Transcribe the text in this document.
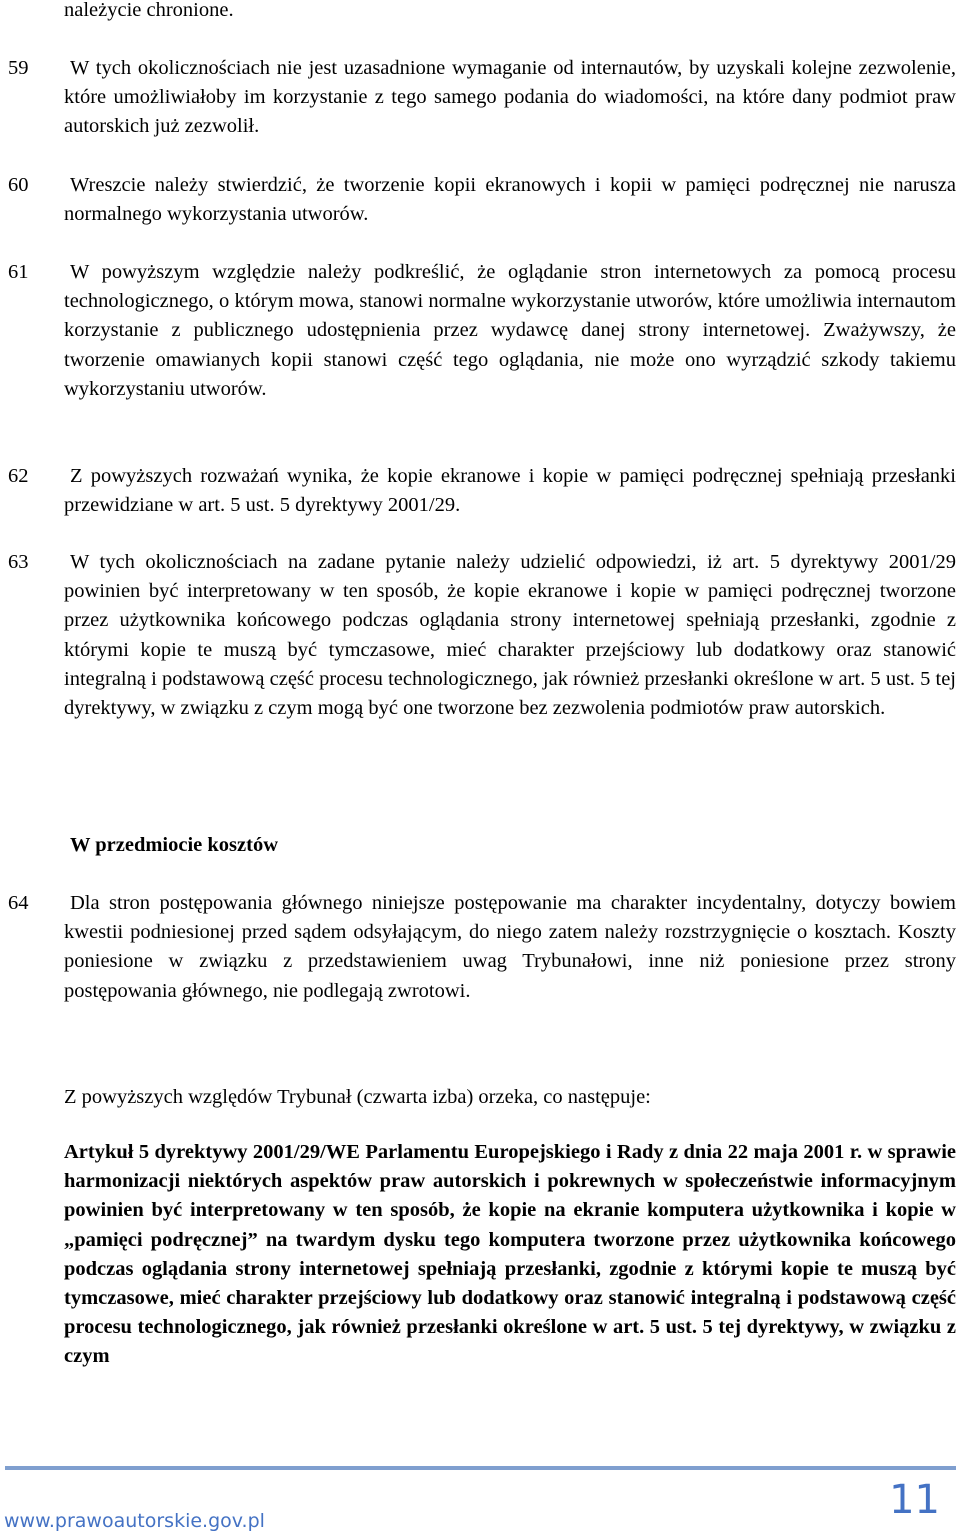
należycie chronione.

59	W tych okolicznościach nie jest uzasadnione wymaganie od internautów, by uzyskali kolejne zezwolenie, które umożliwiałoby im korzystanie z tego samego podania do wiadomości, na które dany podmiot praw autorskich już zezwolił.

60	Wreszcie należy stwierdzić, że tworzenie kopii ekranowych i kopii w pamięci podręcznej nie narusza normalnego wykorzystania utworów.

61	W powyższym względzie należy podkreślić, że oglądanie stron internetowych za pomocą procesu technologicznego, o którym mowa, stanowi normalne wykorzystanie utworów, które umożliwia internautom korzystanie z publicznego udostępnienia przez wydawcę danej strony internetowej. Zważywszy, że tworzenie omawianych kopii stanowi część tego oglądania, nie może ono wyrządzić szkody takiemu wykorzystaniu utworów.

62	Z powyższych rozważań wynika, że kopie ekranowe i kopie w pamięci podręcznej spełniają przesłanki przewidziane w art. 5 ust. 5 dyrektywy 2001/29.

63	W tych okolicznościach na zadane pytanie należy udzielić odpowiedzi, iż art. 5 dyrektywy 2001/29 powinien być interpretowany w ten sposób, że kopie ekranowe i kopie w pamięci podręcznej tworzone przez użytkownika końcowego podczas oglądania strony internetowej spełniają przesłanki, zgodnie z którymi kopie te muszą być tymczasowe, mieć charakter przejściowy lub dodatkowy oraz stanowić integralną i podstawową część procesu technologicznego, jak również przesłanki określone w art. 5 ust. 5 tej dyrektywy, w związku z czym mogą być one tworzone bez zezwolenia podmiotów praw autorskich.

W przedmiocie kosztów

64	Dla stron postępowania głównego niniejsze postępowanie ma charakter incydentalny, dotyczy bowiem kwestii podniesionej przed sądem odsyłającym, do niego zatem należy rozstrzygnięcie o kosztach. Koszty poniesione w związku z przedstawieniem uwag Trybunałowi, inne niż poniesione przez strony postępowania głównego, nie podlegają zwrotowi.

Z powyższych względów Trybunał (czwarta izba) orzeka, co następuje:

Artykuł 5 dyrektywy 2001/29/WE Parlamentu Europejskiego i Rady z dnia 22 maja 2001 r. w sprawie harmonizacji niektórych aspektów praw autorskich i pokrewnych w społeczeństwie informacyjnym powinien być interpretowany w ten sposób, że kopie na ekranie komputera użytkownika i kopie w „pamięci podręcznej” na twardym dysku tego komputera tworzone przez użytkownika końcowego podczas oglądania strony internetowej spełniają przesłanki, zgodnie z którymi kopie te muszą być tymczasowe, mieć charakter przejściowy lub dodatkowy oraz stanowić integralną i podstawową część procesu technologicznego, jak również przesłanki określone w art. 5 ust. 5 tej dyrektywy, w związku z czym

www.prawoautorskie.gov.pl	11
